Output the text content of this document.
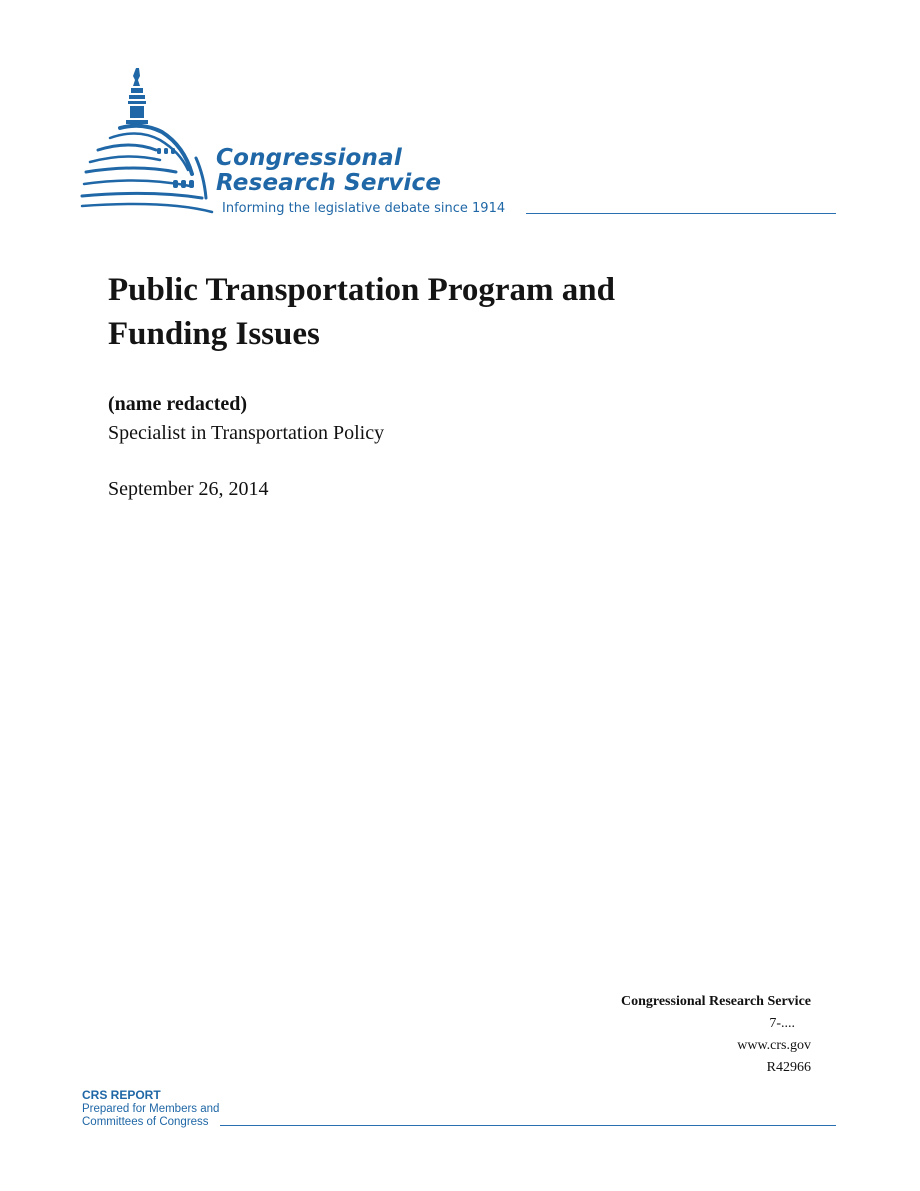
Congressional
Research Service
Informing the legislative debate since 1914
Public Transportation Program and
Funding Issues
(name redacted)
Specialist in Transportation Policy
September 26, 2014
Congressional Research Service
7-....
www.crs.gov
R42966
CRS REPORT
Prepared for Members and
Committees of Congress
